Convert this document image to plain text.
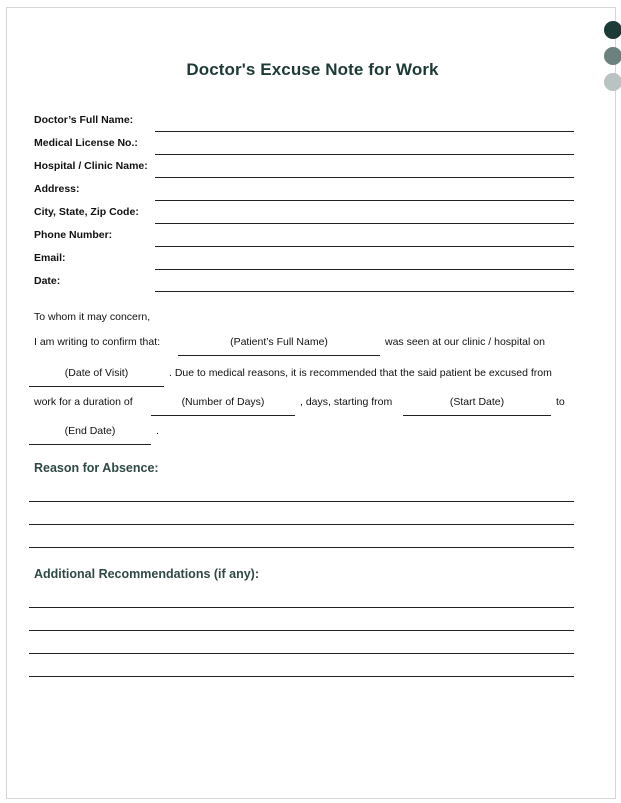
Doctor's Excuse Note for Work
Doctor’s Full Name:
Medical License No.:
Hospital / Clinic Name:
Address:
City, State, Zip Code:
Phone Number:
Email:
Date:
To whom it may concern,
I am writing to confirm that:	(Patient’s Full Name)	was seen at our clinic / hospital on
(Date of Visit)	. Due to medical reasons, it is recommended that the said patient be excused from
work for a duration of	(Number of Days)	, days, starting from	(Start Date)	to
(End Date)	.
Reason for Absence:
Additional Recommendations (if any):
